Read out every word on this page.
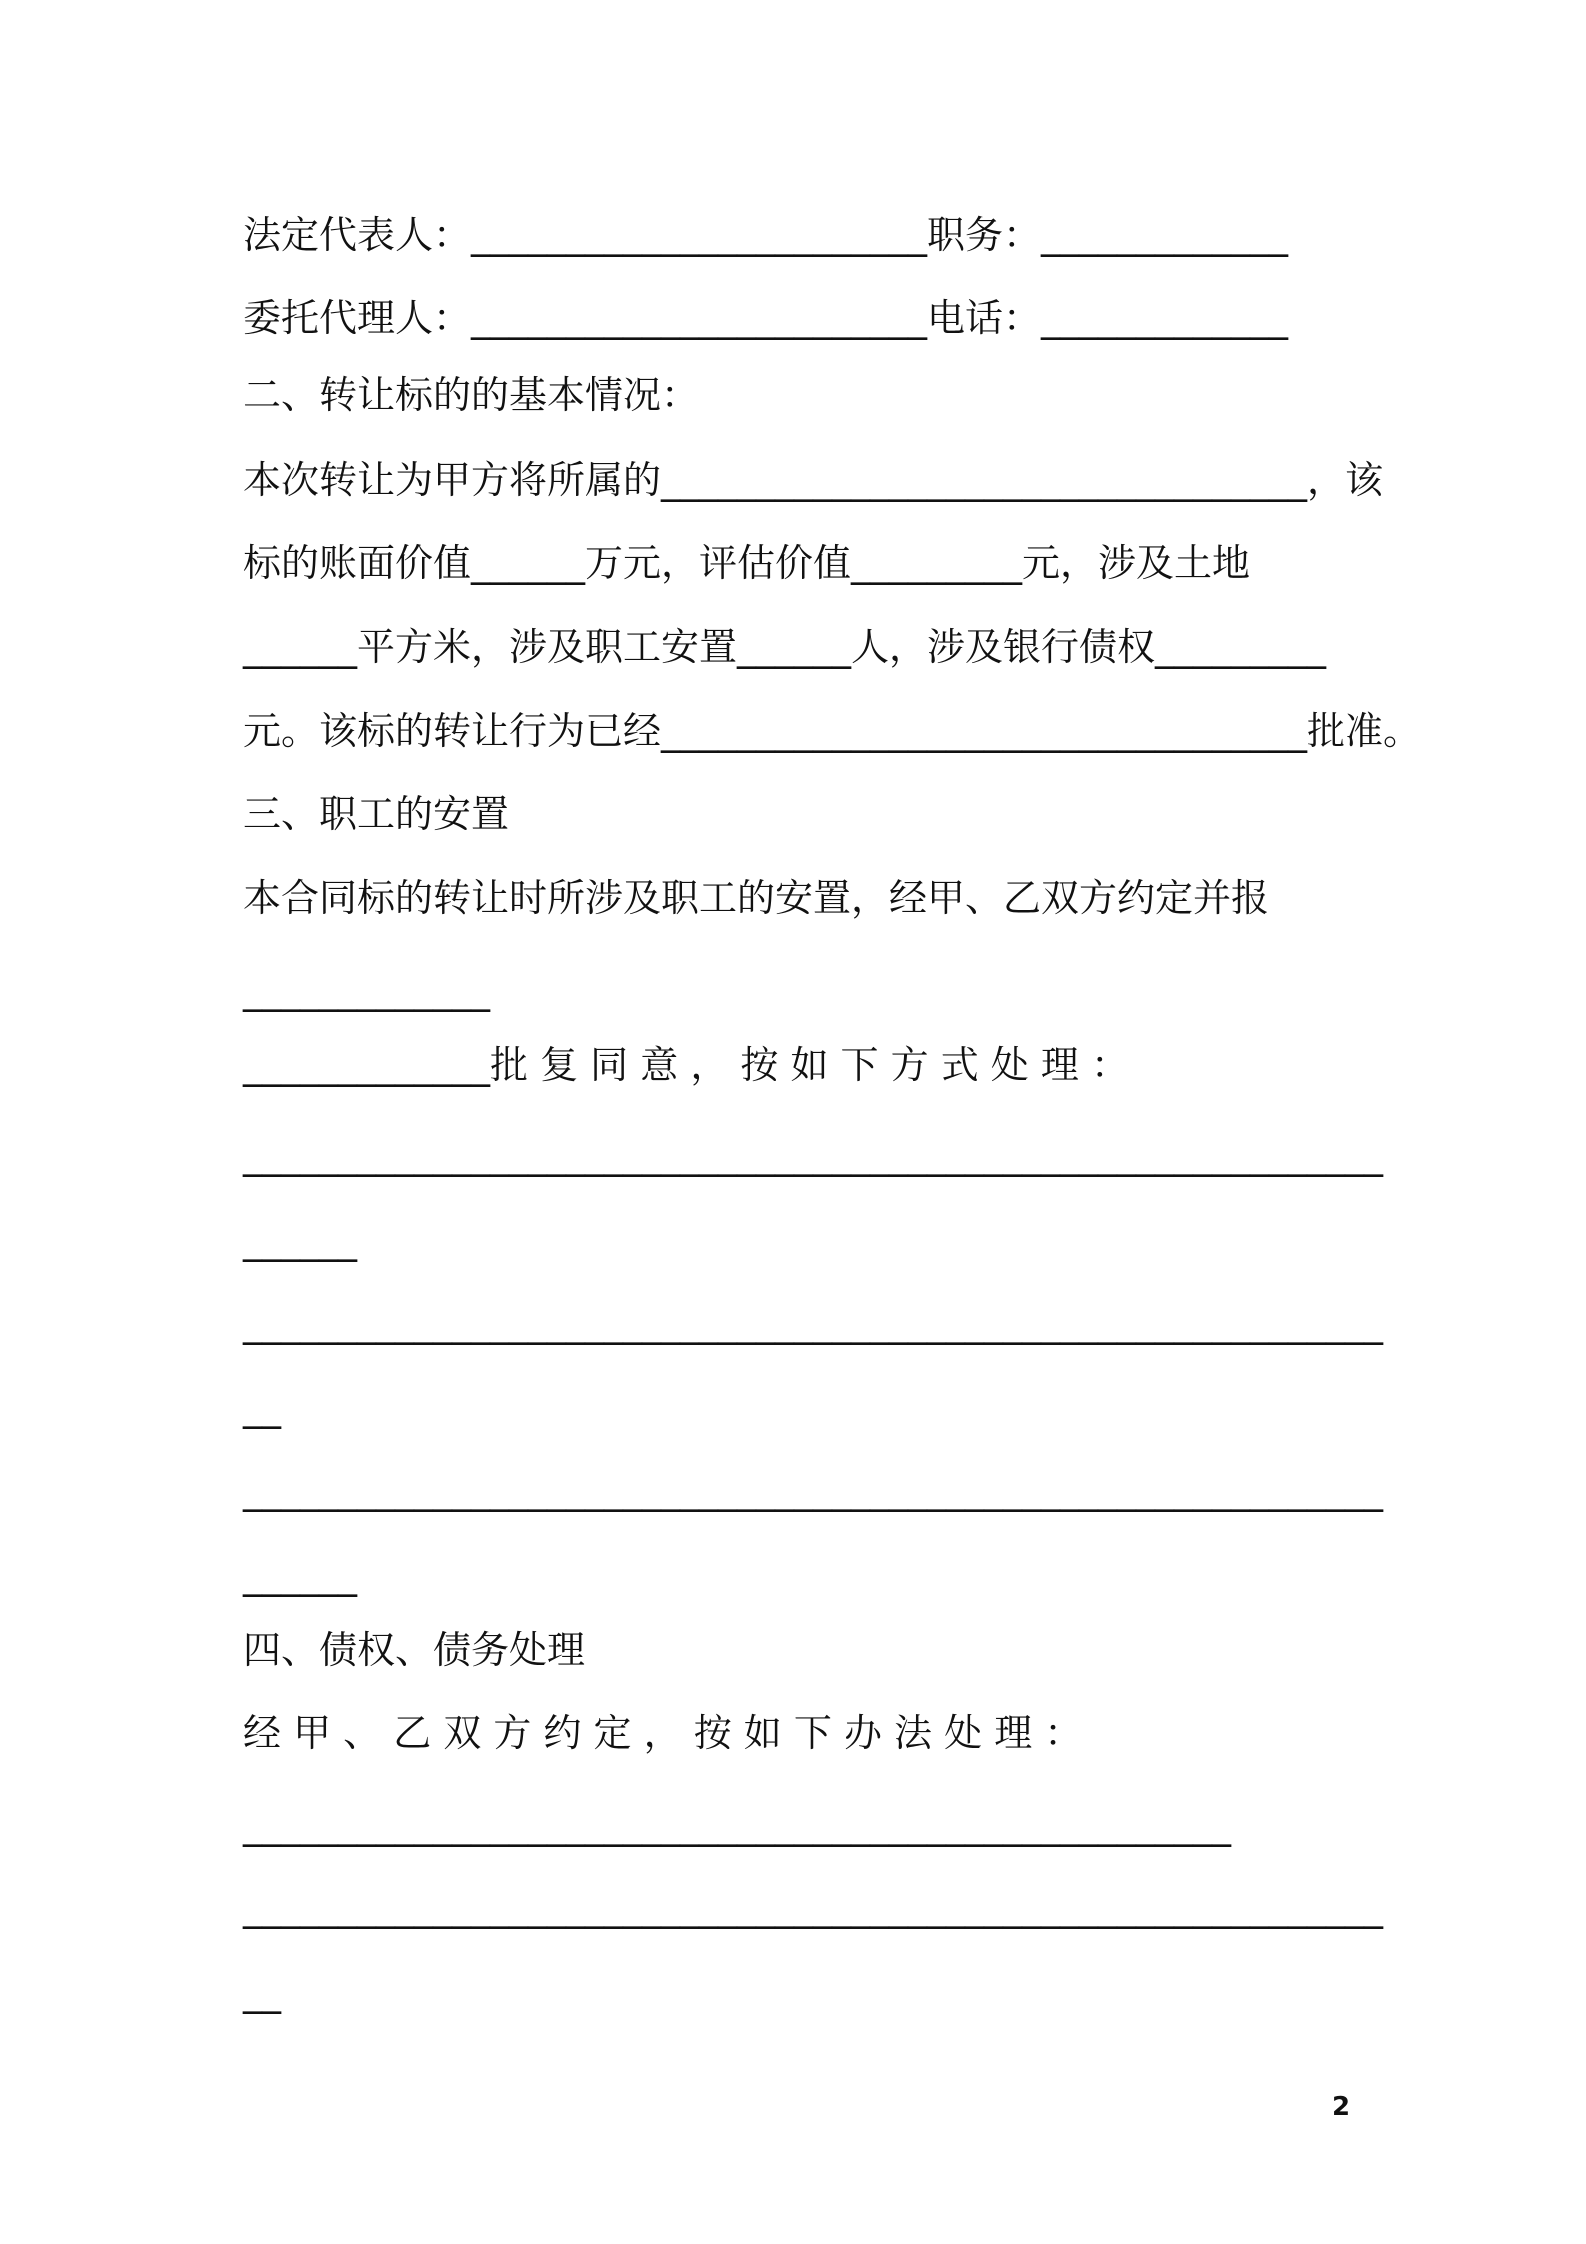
法定代表人：________________________职务：_____________
委托代理人：________________________电话：_____________
二、转让标的的基本情况：
本次转让为甲方将所属的__________________________________，该
标的账面价值______万元，评估价值_________元，涉及土地
______平方米，涉及职工安置______人，涉及银行债权_________
元。该标的转让行为已经__________________________________批准。
三、职工的安置
本合同标的转让时所涉及职工的安置，经甲、乙双方约定并报
_____________
_____________批 复 同 意 ， 按 如 下 方 式 处 理 ：
____________________________________________________________
______
____________________________________________________________
__
____________________________________________________________
______
四、债权、债务处理
经 甲 、 乙 双 方 约 定 ， 按 如 下 办 法 处 理 ：
____________________________________________________
____________________________________________________________
__
2
